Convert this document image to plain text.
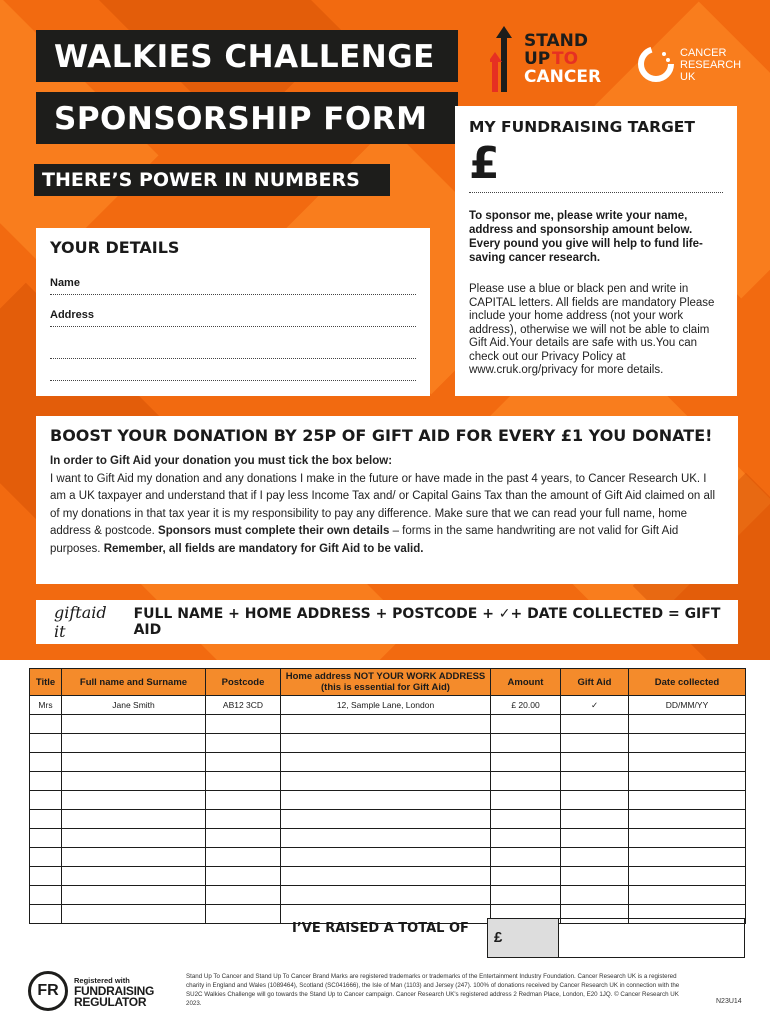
WALKIES CHALLENGE
SPONSORSHIP FORM
THERE’S POWER IN NUMBERS
STAND
UP TO
CANCER
CANCER
RESEARCH
UK
MY FUNDRAISING TARGET
£
To sponsor me, please write your name, address and sponsorship amount below. Every pound you give will help to fund life-saving cancer research.
Please use a blue or black pen and write in CAPITAL letters. All fields are mandatory Please include your home address (not your work address), otherwise we will not be able to claim Gift Aid.Your details are safe with us.You can check out our Privacy Policy at www.cruk.org/privacy for more details.
YOUR DETAILS
Name
Address
BOOST YOUR DONATION BY 25P OF GIFT AID FOR EVERY £1 YOU DONATE!
In order to Gift Aid your donation you must tick the box below:
I want to Gift Aid my donation and any donations I make in the future or have made in the past 4 years, to Cancer Research UK. I am a UK taxpayer and understand that if I pay less Income Tax and/ or Capital Gains Tax than the amount of Gift Aid claimed on all of my donations in that tax year it is my responsibility to pay any difference. Make sure that we can read your full name, home address & postcode. Sponsors must complete their own details – forms in the same handwriting are not valid for Gift Aid purposes. Remember, all fields are mandatory for Gift Aid to be valid.
giftaid it
FULL NAME + HOME ADDRESS + POSTCODE + ✓+ DATE COLLECTED = GIFT AID
Title	Full name and Surname	Postcode	Home address NOT YOUR WORK ADDRESS (this is essential for Gift Aid)	Amount	Gift Aid	Date collected
Mrs	Jane Smith	AB12 3CD	12, Sample Lane, London	£ 20.00	✓	DD/MM/YY

I’VE RAISED A TOTAL OF
£
FR
Registered with
FUNDRAISING
REGULATOR
Stand Up To Cancer and Stand Up To Cancer Brand Marks are registered trademarks or trademarks of the Entertainment Industry Foundation. Cancer Research UK is a registered charity in England and Wales (1089464), Scotland (SC041666), the Isle of Man (1103) and Jersey (247). 100% of donations received by Cancer Research UK in connection with the SU2C Walkies Challenge will go towards the Stand Up to Cancer campaign. Cancer Research UK's registered address 2 Redman Place, London, E20 1JQ. © Cancer Research UK 2023.	N23U14
